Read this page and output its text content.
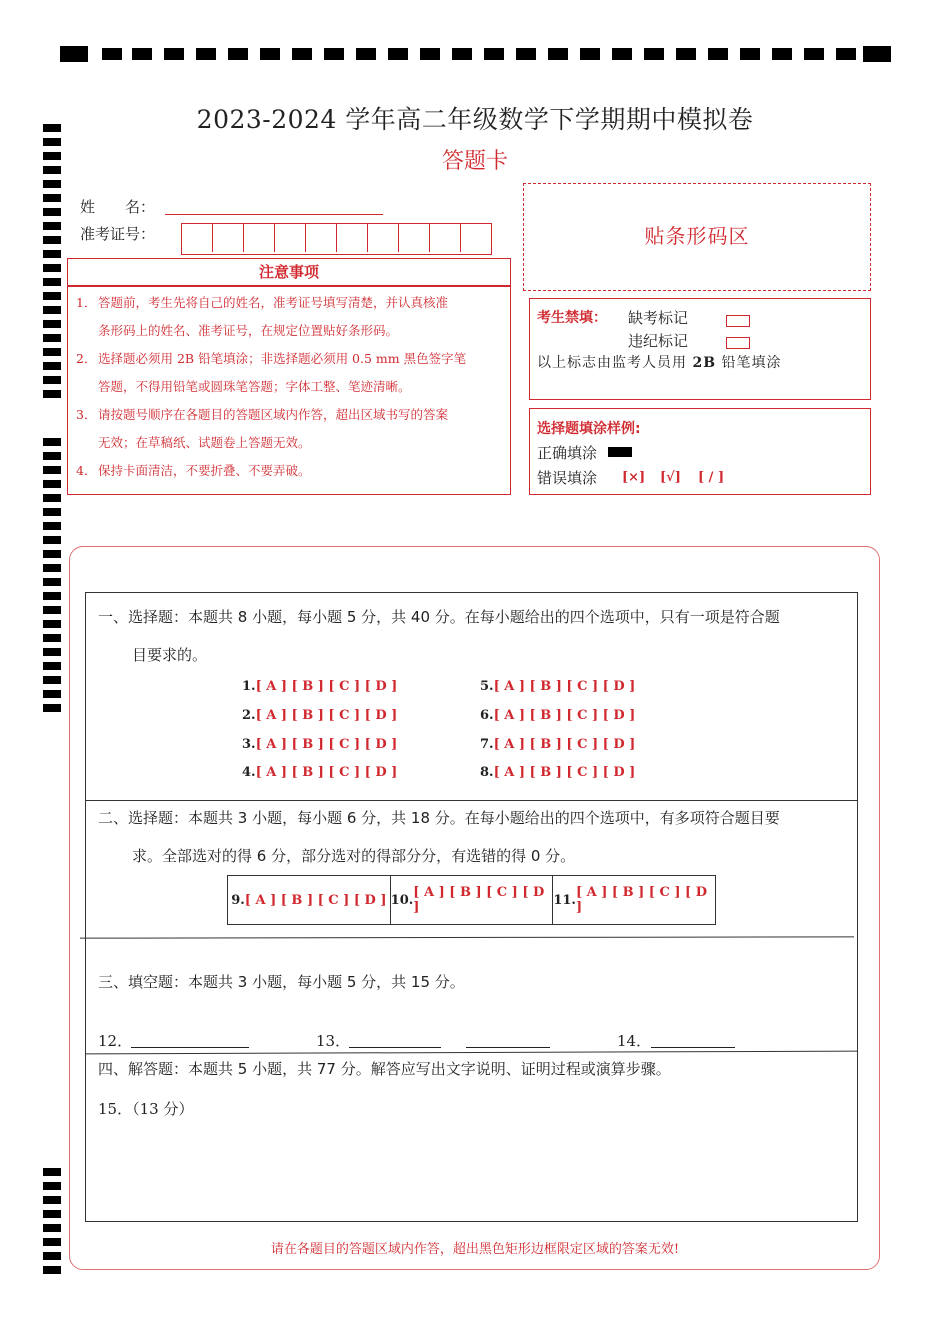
2023-2024 学年高二年级数学下学期期中模拟卷
答题卡
姓　　名：
准考证号：	贴条形码区
注意事项
1． 答题前，考生先将自己的姓名，准考证号填写清楚，并认真核准
条形码上的姓名、准考证号，在规定位置贴好条形码。
2． 选择题必须用 2B 铅笔填涂；非选择题必须用 0.5 mm 黑色签字笔
答题，不得用铅笔或圆珠笔答题；字体工整、笔迹清晰。
3． 请按题号顺序在各题目的答题区域内作答，超出区域书写的答案
无效；在草稿纸、试题卷上答题无效。
4． 保持卡面清洁，不要折叠、不要弄破。
考生禁填： 缺考标记
违纪标记
以上标志由监考人员用 2B 铅笔填涂
选择题填涂样例:
正确填涂
错误填涂 [×] [√] [ / ]
一、选择题：本题共 8 小题，每小题 5 分，共 40 分。在每小题给出的四个选项中，只有一项是符合题
目要求的。
1.[ A ] [ B ] [ C ] [ D ]
2.[ A ] [ B ] [ C ] [ D ]
3.[ A ] [ B ] [ C ] [ D ]
4.[ A ] [ B ] [ C ] [ D ]
5.[ A ] [ B ] [ C ] [ D ]
6.[ A ] [ B ] [ C ] [ D ]
7.[ A ] [ B ] [ C ] [ D ]
8.[ A ] [ B ] [ C ] [ D ]
二、选择题：本题共 3 小题，每小题 6 分，共 18 分。在每小题给出的四个选项中，有多项符合题目要
求。全部选对的得 6 分，部分选对的得部分分，有选错的得 0 分。
9. [ A ] [ B ] [ C ] [ D ] 10. [ A ] [ B ] [ C ] [ D ]	11. [ A ] [ B ] [ C ] [ D ]
三、填空题：本题共 3 小题，每小题 5 分，共 15 分。
12．	13．	14．
四、解答题：本题共 5 小题，共 77 分。解答应写出文字说明、证明过程或演算步骤。
15．（13 分）
请在各题目的答题区域内作答，超出黑色矩形边框限定区域的答案无效!
